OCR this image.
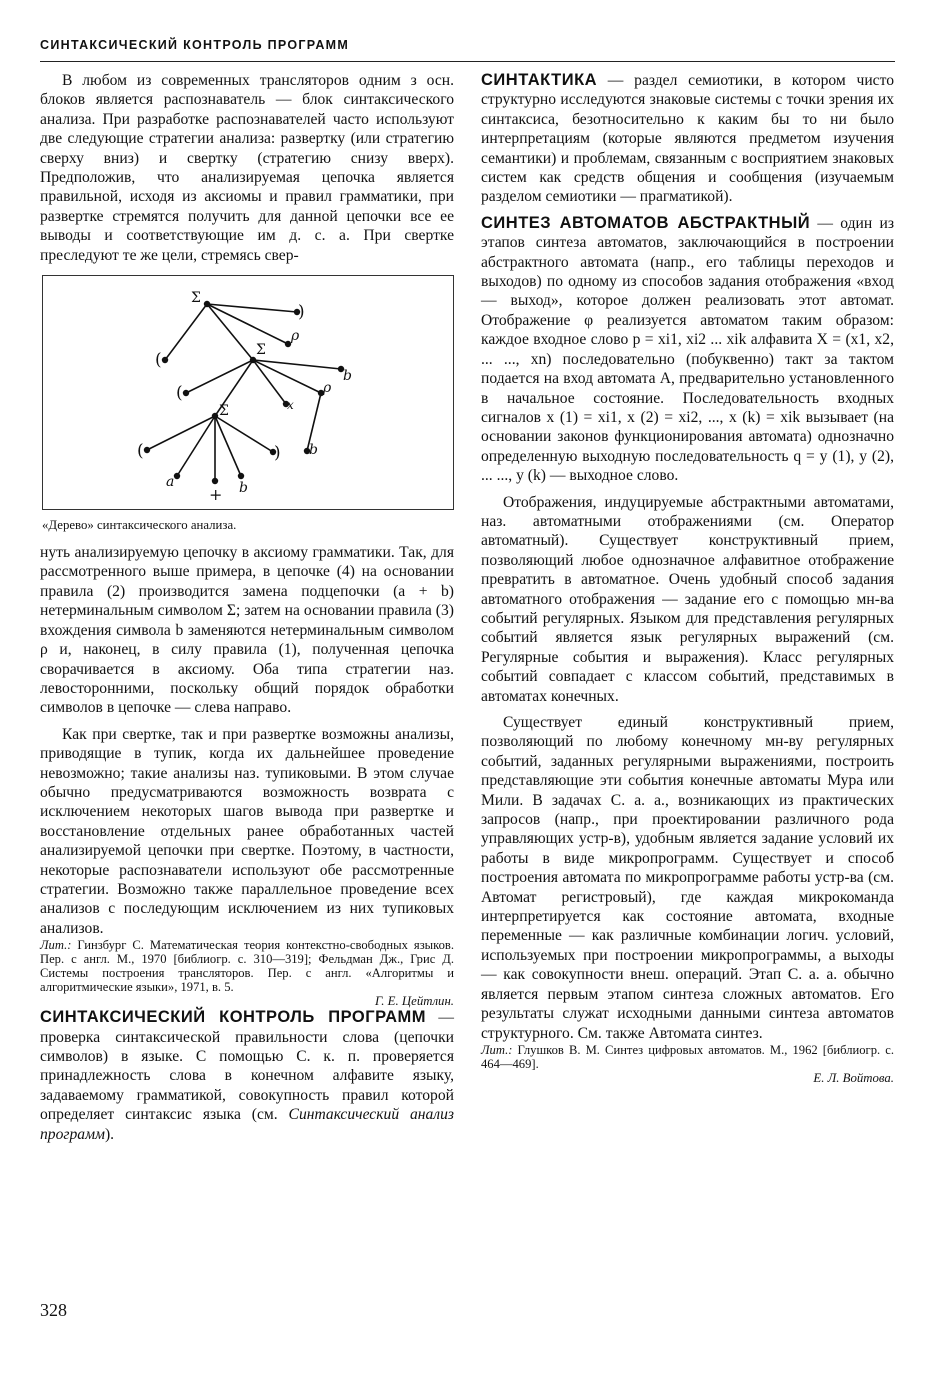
СИНТАКСИЧЕСКИЙ КОНТРОЛЬ ПРОГРАММ

В любом из современных трансляторов одним з осн. блоков является распознаватель — блок синтаксического анализа. При разработке распознавателей часто используют две следующие стратегии анализа: развертку (или стратегию сверху вниз) и свертку (стратегию снизу вверх). Предположив, что анализируемая цепочка является правильной, исходя из аксиомы и правил грамматики, при развертке стремятся получить для данной цепочки все ее выводы и соответствующие им д. с. а. При свертке преследуют те же цели, стремясь свер-

Σ
Σ
Σ
)
ρ
(
b
(	ρ
x
(
a
+ b
) b
«Дерево» синтаксического анализа.

нуть анализируемую цепочку в аксиому грамматики. Так, для рассмотренного выше примера, в цепочке (4) на основании правила (2) производится замена подцепочки (a + b) нетерминальным символом Σ; затем на основании правила (3) вхождения символа b заменяются нетерминальным символом ρ и, наконец, в силу правила (1), полученная цепочка сворачивается в аксиому. Оба типа стратегии наз. левосторонними, поскольку общий порядок обработки символов в цепочке — слева направо.

Как при свертке, так и при развертке возможны анализы, приводящие в тупик, когда их дальнейшее проведение невозможно; такие анализы наз. тупиковыми. В этом случае обычно предусматриваются возможность возврата с исключением некоторых шагов вывода при развертке и восстановление отдельных ранее обработанных частей анализируемой цепочки при свертке. Поэтому, в частности, некоторые распознаватели используют обе рассмотренные стратегии. Возможно также параллельное проведение всех анализов с последующим исключением из них тупиковых анализов.

Лит.: Гинзбург С. Математическая теория контекстно-свободных языков. Пер. с англ. М., 1970 [библиогр. с. 310—319]; Фельдман Дж., Грис Д. Системы построения трансляторов. Пер. с англ. «Алгоритмы и алгоритмические языки», 1971, в. 5.

Г. Е. Цейтлин.

СИНТАКСИЧЕСКИЙ КОНТРОЛЬ ПРОГРАММ — проверка синтаксической правильности слова (цепочки символов) в языке. С помощью С. к. п. проверяется принадлежность слова в конечном алфавите языку, задаваемому грамматикой, совокупность правил которой определяет синтаксис языка (см. Синтаксический анализ программ).

СИНТАКТИКА — раздел семиотики, в котором чисто структурно исследуются знаковые системы с точки зрения их синтаксиса, безотносительно к каким бы то ни было интерпретациям (которые являются предметом изучения семантики) и проблемам, связанным с восприятием знаковых систем как средств общения и сообщения (изучаемым разделом семиотики — прагматикой).

СИНТЕЗ АВТОМАТОВ АБСТРАКТНЫЙ — один из этапов синтеза автоматов, заключающийся в построении абстрактного автомата (напр., его таблицы переходов и выходов) по одному из способов задания отображения «вход — выход», которое должен реализовать этот автомат. Отображение φ реализуется автоматом таким образом: каждое входное слово p = xi1, xi2 ... xik алфавита X = (x1, x2, ... ..., xn) последовательно (побуквенно) такт за тактом подается на вход автомата A, предварительно установленного в начальное состояние. Последовательность входных сигналов x (1) = xi1, x (2) = xi2, ..., x (k) = xik вызывает (на основании законов функционирования автомата) однозначно определенную выходную последовательность q = y (1), y (2), ... ..., y (k) — выходное слово.

Отображения, индуцируемые абстрактными автоматами, наз. автоматными отображениями (см. Оператор автоматный). Существует конструктивный прием, позволяющий любое однозначное алфавитное отображение превратить в автоматное. Очень удобный способ задания автоматного отображения — задание его с помощью мн-ва событий регулярных. Языком для представления регулярных событий является язык регулярных выражений (см. Регулярные события и выражения). Класс регулярных событий совпадает с классом событий, представимых в автоматах конечных.

Существует единый конструктивный прием, позволяющий по любому конечному мн-ву регулярных событий, заданных регулярными выражениями, построить представляющие эти события конечные автоматы Мура или Мили. В задачах С. а. а., возникающих из практических запросов (напр., при проектировании различного рода управляющих устр-в), удобным является задание условий их работы в виде микропрограмм. Существует и способ построения автомата по микропрограмме работы устр-ва (см. Автомат регистровый), где каждая микрокоманда интерпретируется как состояние автомата, входные переменные — как различные комбинации логич. условий, используемых при построении микропрограммы, а выходы — как совокупности внеш. операций. Этап С. а. а. обычно является первым этапом синтеза сложных автоматов. Его результаты служат исходными данными синтеза автоматов структурного. См. также Автомата синтез.

Лит.: Глушков В. М. Синтез цифровых автоматов. М., 1962 [библиогр. с. 464—469].

Е. Л. Войтова.

328
